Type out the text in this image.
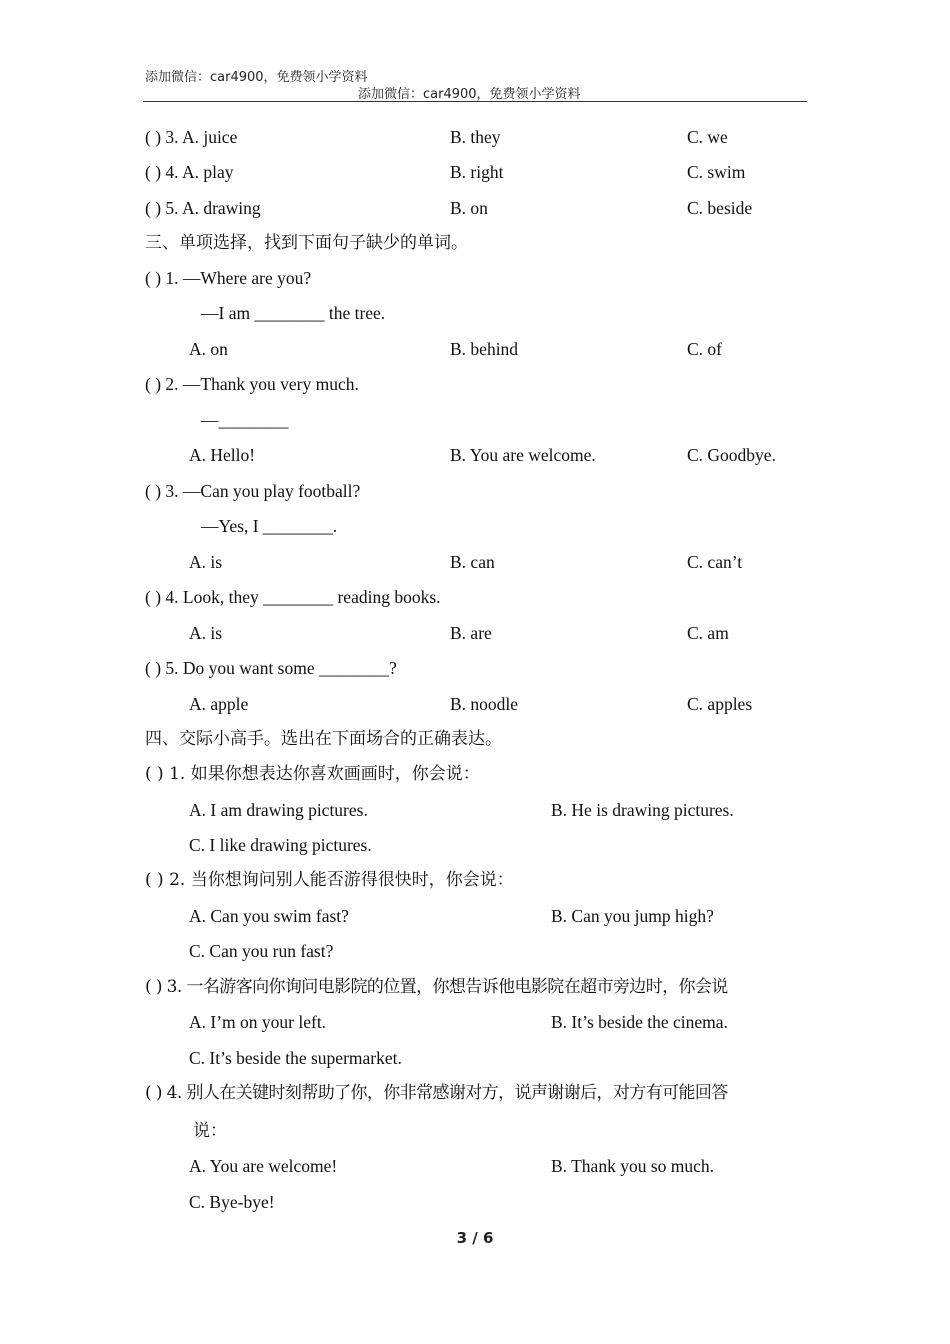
添加微信：car4900，免费领小学资料
添加微信：car4900，免费领小学资料
( ) 3. A. juice	B. they	C. we
( ) 4. A. play	B. right	C. swim
( ) 5. A. drawing	B. on	C. beside
三、单项选择，找到下面句子缺少的单词。
( ) 1. —Where are you?
—I am ________ the tree.
A. on	B. behind	C. of
( ) 2. —Thank you very much.
—________
A. Hello!	B. You are welcome.	C. Goodbye.
( ) 3. —Can you play football?
—Yes, I ________.
A. is	B. can	C. can’t
( ) 4. Look, they ________ reading books.
A. is	B. are	C. am
( ) 5. Do you want some ________?
A. apple	B. noodle	C. apples
四、交际小高手。选出在下面场合的正确表达。
( ) 1. 如果你想表达你喜欢画画时，你会说：
A. I am drawing pictures.	B. He is drawing pictures.
C. I like drawing pictures.
( ) 2. 当你想询问别人能否游得很快时，你会说：
A. Can you swim fast?	B. Can you jump high?
C. Can you run fast?
( ) 3. 一名游客向你询问电影院的位置，你想告诉他电影院在超市旁边时，你会说
A. I’m on your left.	B. It’s beside the cinema.
C. It’s beside the supermarket.
( ) 4. 别人在关键时刻帮助了你，你非常感谢对方，说声谢谢后，对方有可能回答
说：
A. You are welcome!	B. Thank you so much.
C. Bye-bye!
3 / 6
